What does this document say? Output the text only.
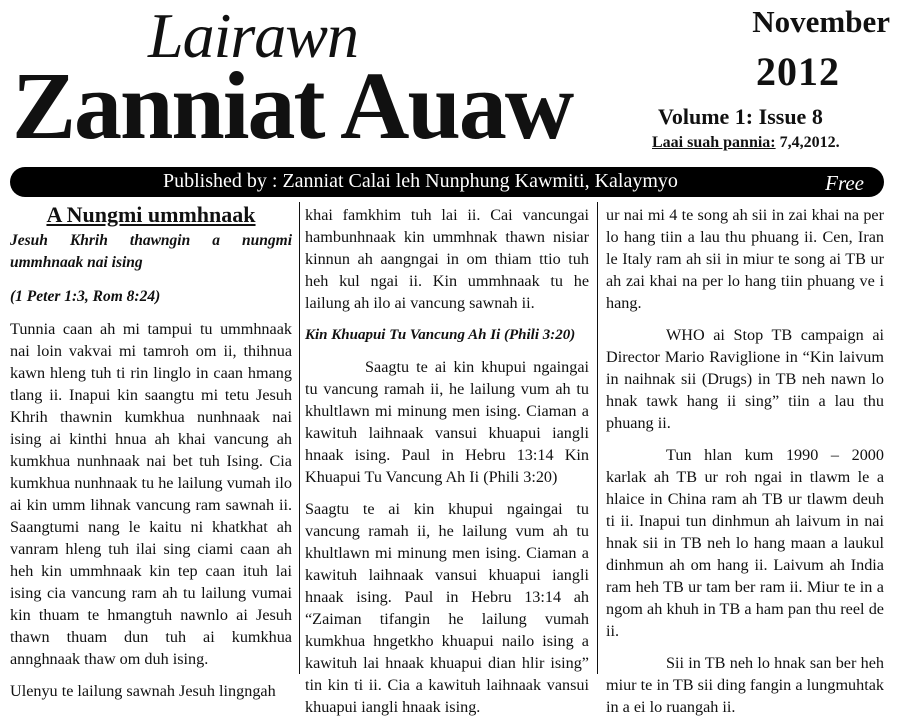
Lairawn
Zanniat Auaw
November
2012
Volume 1: Issue 8
Laai suah pannia: 7,4,2012.
Published by : Zanniat Calai leh Nunphung Kawmiti, Kalaymyo	Free
A Nungmi ummhnaak
Jesuh Khrih thawngin a nungmi ummhnaak nai ising
(1 Peter 1:3, Rom 8:24)

Tunnia caan ah mi tampui tu ummhnaak nai loin vakvai mi tamroh om ii, thihnua kawn hleng tuh ti rin linglo in caan hmang tlang ii. Inapui kin saangtu mi tetu Jesuh Khrih thawnin kumkhua nunhnaak nai ising ai kinthi hnua ah khai vancung ah kumkhua nunhnaak nai bet tuh Ising. Cia kumkhua nunhnaak tu he lailung vumah ilo ai kin umm lihnak vancung ram sawnah ii. Saangtumi nang le kaitu ni khatkhat ah vanram hleng tuh ilai sing ciami caan ah heh kin ummhnaak kin tep caan ituh lai ising cia vancung ram ah tu lailung vumai kin thuam te hmangtuh nawnlo ai Jesuh thawn thuam dun tuh ai kumkhua annghnaak thaw om duh ising.

Ulenyu te lailung sawnah Jesuh lingngah

khai famkhim tuh lai ii. Cai vancungai hambunhnaak kin ummhnak thawn nisiar kinnun ah aangngai in om thiam ttio tuh heh kul ngai ii. Kin ummhnaak tu he lailung ah ilo ai vancung sawnah ii.

Kin Khuapui Tu Vancung Ah Ii (Phili 3:20)

Saagtu te ai kin khupui ngaingai tu vancung ramah ii, he lailung vum ah tu khultlawn mi minung men ising. Ciaman a kawituh laihnaak vansui khuapui iangli hnaak ising. Paul in Hebru 13:14 Kin Khuapui Tu Vancung Ah Ii (Phili 3:20)

Saagtu te ai kin khupui ngaingai tu vancung ramah ii, he lailung vum ah tu khultlawn mi minung men ising. Ciaman a kawituh laihnaak vansui khuapui iangli hnaak ising. Paul in Hebru 13:14 ah “Zaiman tifangin he lailung vumah kumkhua hngetkho khuapui nailo ising a kawituh lai hnaak khuapui dian hlir ising” tin kin ti ii. Cia a kawituh laihnaak vansui khuapui iangli hnaak ising.

ur nai mi 4 te song ah sii in zai khai na per lo hang tiin a lau thu phuang ii. Cen, Iran le Italy ram ah sii in miur te song ai TB ur ah zai khai na per lo hang tiin phuang ve i hang.

WHO ai Stop TB campaign ai Director Mario Raviglione in “Kin laivum in naihnak sii (Drugs) in TB neh nawn lo hnak tawk hang ii sing” tiin a lau thu phuang ii.

Tun hlan kum 1990 – 2000 karlak ah TB ur roh ngai in tlawm le a hlaice in China ram ah TB ur tlawm deuh ti ii. Inapui tun dinhmun ah laivum in nai hnak sii in TB neh lo hang maan a laukul dinhmun ah om hang ii. Laivum ah India ram heh TB ur tam ber ram ii. Miur te in a ngom ah khuh in TB a ham pan thu reel de ii.

Sii in TB neh lo hnak san ber heh miur te in TB sii ding fangin a lungmuhtak in a ei lo ruangah ii.
